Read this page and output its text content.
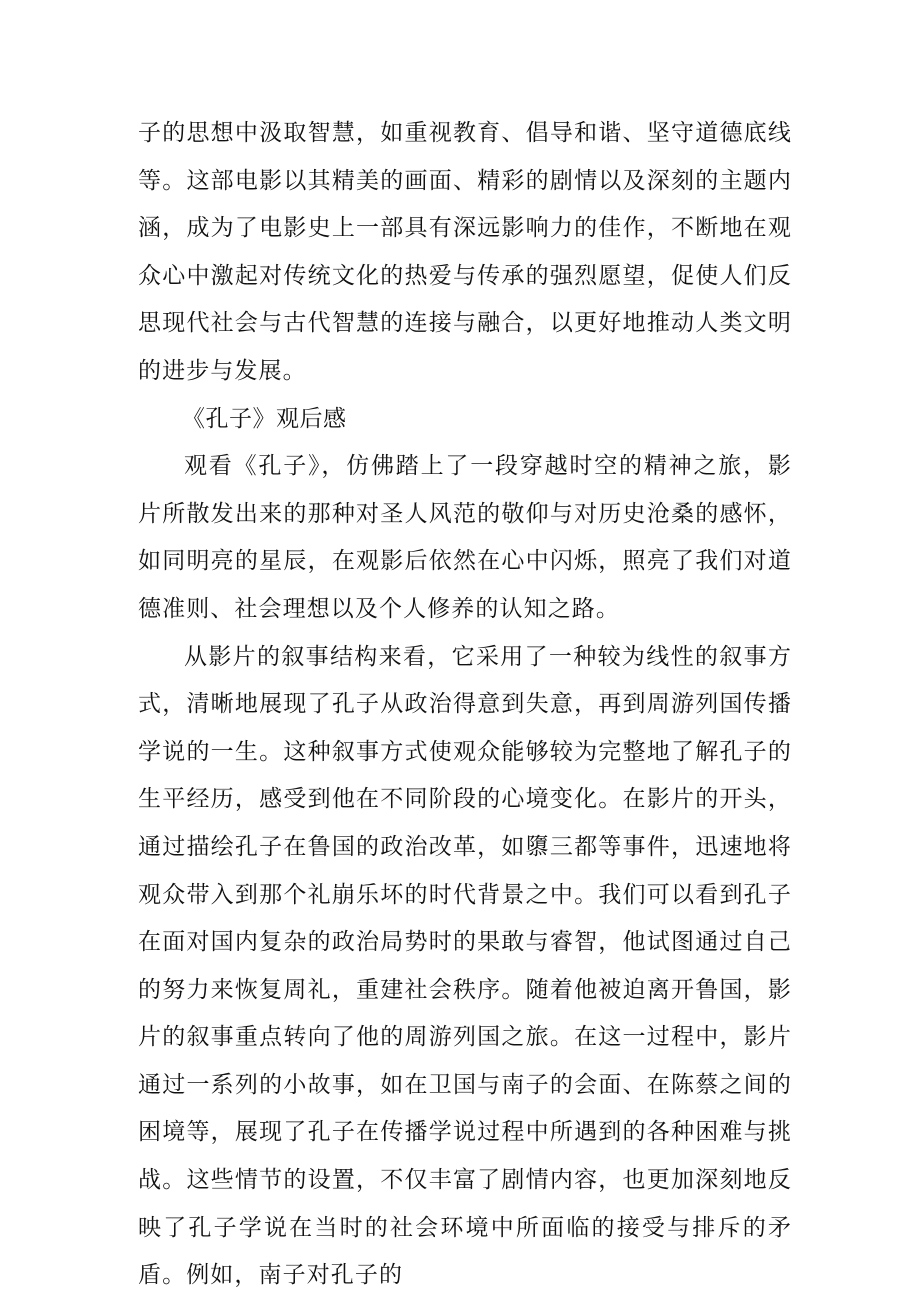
子的思想中汲取智慧，如重视教育、倡导和谐、坚守道德底线等。这部电影以其精美的画面、精彩的剧情以及深刻的主题内涵，成为了电影史上一部具有深远影响力的佳作，不断地在观众心中激起对传统文化的热爱与传承的强烈愿望，促使人们反思现代社会与古代智慧的连接与融合，以更好地推动人类文明的进步与发展。

《孔子》观后感

观看《孔子》，仿佛踏上了一段穿越时空的精神之旅，影片所散发出来的那种对圣人风范的敬仰与对历史沧桑的感怀，如同明亮的星辰，在观影后依然在心中闪烁，照亮了我们对道德准则、社会理想以及个人修养的认知之路。

从影片的叙事结构来看，它采用了一种较为线性的叙事方式，清晰地展现了孔子从政治得意到失意，再到周游列国传播学说的一生。这种叙事方式使观众能够较为完整地了解孔子的生平经历，感受到他在不同阶段的心境变化。在影片的开头，通过描绘孔子在鲁国的政治改革，如隳三都等事件，迅速地将观众带入到那个礼崩乐坏的时代背景之中。我们可以看到孔子在面对国内复杂的政治局势时的果敢与睿智，他试图通过自己的努力来恢复周礼，重建社会秩序。随着他被迫离开鲁国，影片的叙事重点转向了他的周游列国之旅。在这一过程中，影片通过一系列的小故事，如在卫国与南子的会面、在陈蔡之间的困境等，展现了孔子在传播学说过程中所遇到的各种困难与挑战。这些情节的设置，不仅丰富了剧情内容，也更加深刻地反映了孔子学说在当时的社会环境中所面临的接受与排斥的矛盾。例如，南子对孔子的
